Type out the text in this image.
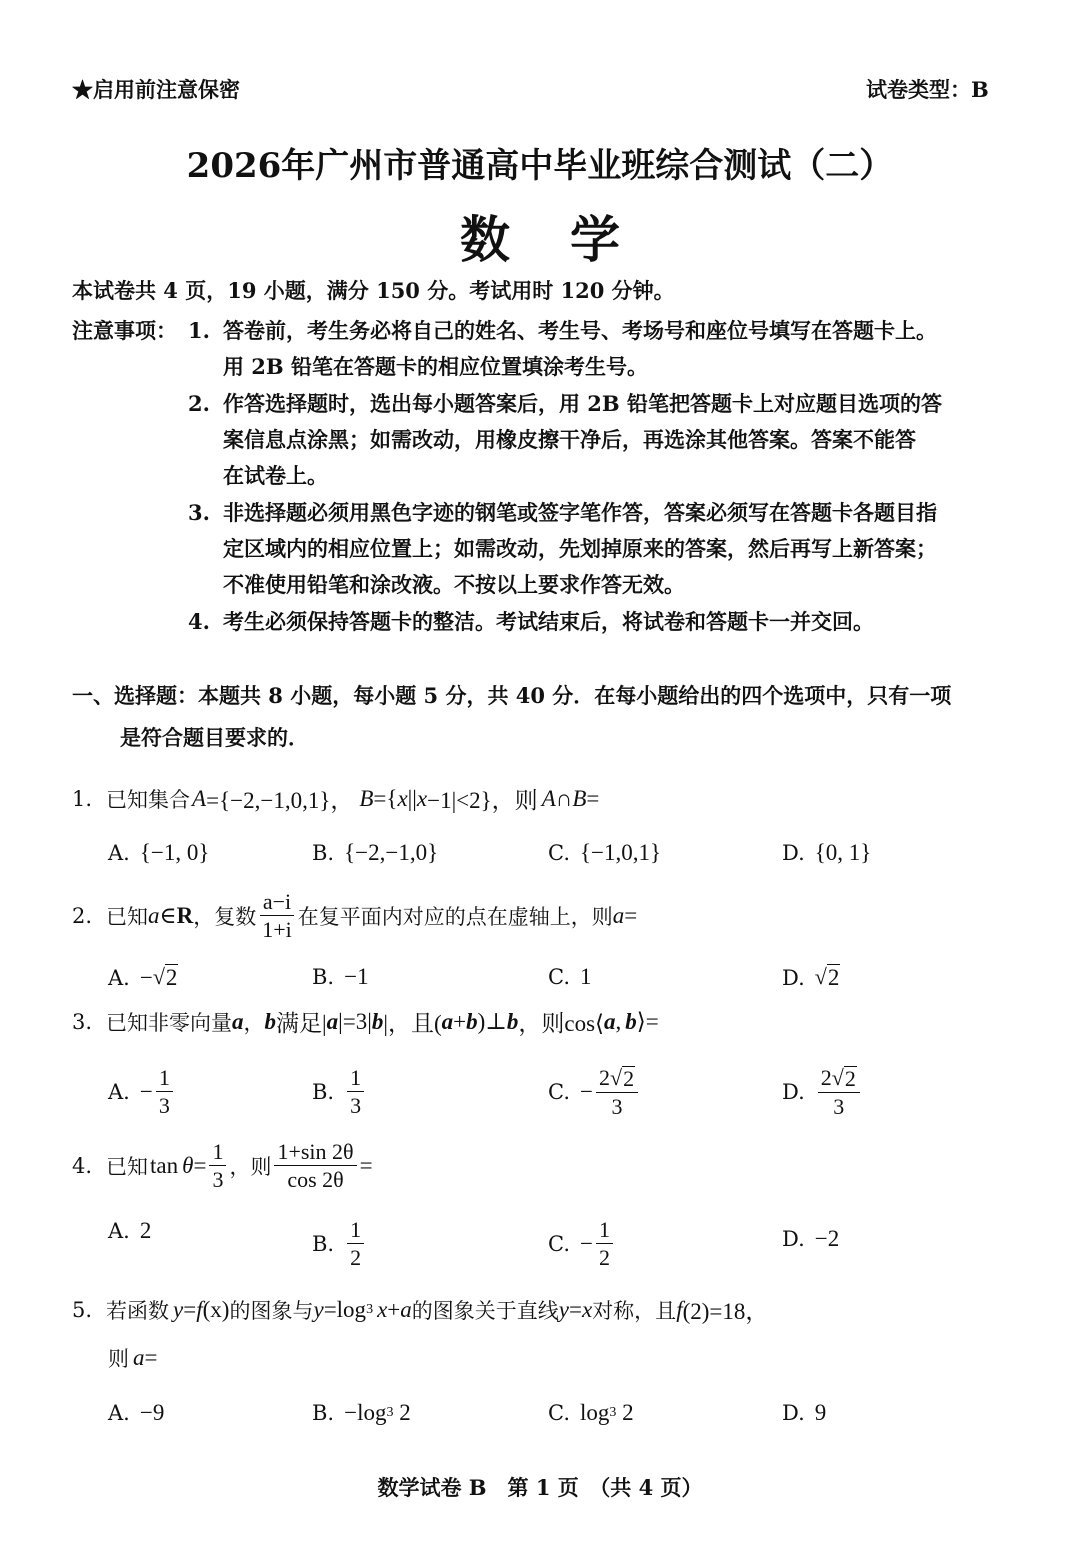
★启用前注意保密	试卷类型：B
2026年广州市普通高中毕业班综合测试（二）
数学
本试卷共 4 页，19 小题，满分 150 分。考试用时 120 分钟。
注意事项： 1. 答卷前，考生务必将自己的姓名、考生号、考场号和座位号填写在答题卡上。
用 2B 铅笔在答题卡的相应位置填涂考生号。
2. 作答选择题时，选出每小题答案后，用 2B 铅笔把答题卡上对应题目选项的答
案信息点涂黑；如需改动，用橡皮擦干净后，再选涂其他答案。答案不能答
在试卷上。
3. 非选择题必须用黑色字迹的钢笔或签字笔作答，答案必须写在答题卡各题目指
定区域内的相应位置上；如需改动，先划掉原来的答案，然后再写上新答案；
不准使用铅笔和涂改液。不按以上要求作答无效。
4. 考生必须保持答题卡的整洁。考试结束后，将试卷和答题卡一并交回。
一、选择题：本题共 8 小题，每小题 5 分，共 40 分．在每小题给出的四个选项中，只有一项
是符合题目要求的．
1. 已知集合 A ={−2,−1,0,1}， B ={ x || x −1|<2}，则 A∩B =
A. {−1, 0}	B. {−2,−1,0}	C. {−1,0,1}	D. {0, 1}
2. 已知 a ∈ R ，复数 $\frac{a-i}{1+i}$ 在复平面内对应的点在虚轴上，则 a =
A. − √ 2	B. −1	C. 1	D. √ 2
3. 已知非零向量 a ， b 满足| a |=3| b |，且( a + b )⊥ b ，则cos⟨ a , b ⟩=
A. − $\frac{1}{3}$	B. $\frac{1}{3}$	C. − $\frac{2 √ 2}{3}$	D. $\frac{2 √ 2}{3}$
4. 已知 $\tan \theta = \frac{1}{3}$ ，则 $\frac{1+\sin 2\theta}{\cos 2\theta}$ =
A. 2
B. $\frac{1}{2}$	C. − $\frac{1}{2}$	D. −2
5. 若函数 y = f (x) 的图象与 y =log 3 x + a 的图象关于直线 y = x 对称，且 f (2)=18，
则 a =
A. −9	B. −log 3 2	C. log 3 2	D. 9
数学试卷 B　第 1 页　（共 4 页）
